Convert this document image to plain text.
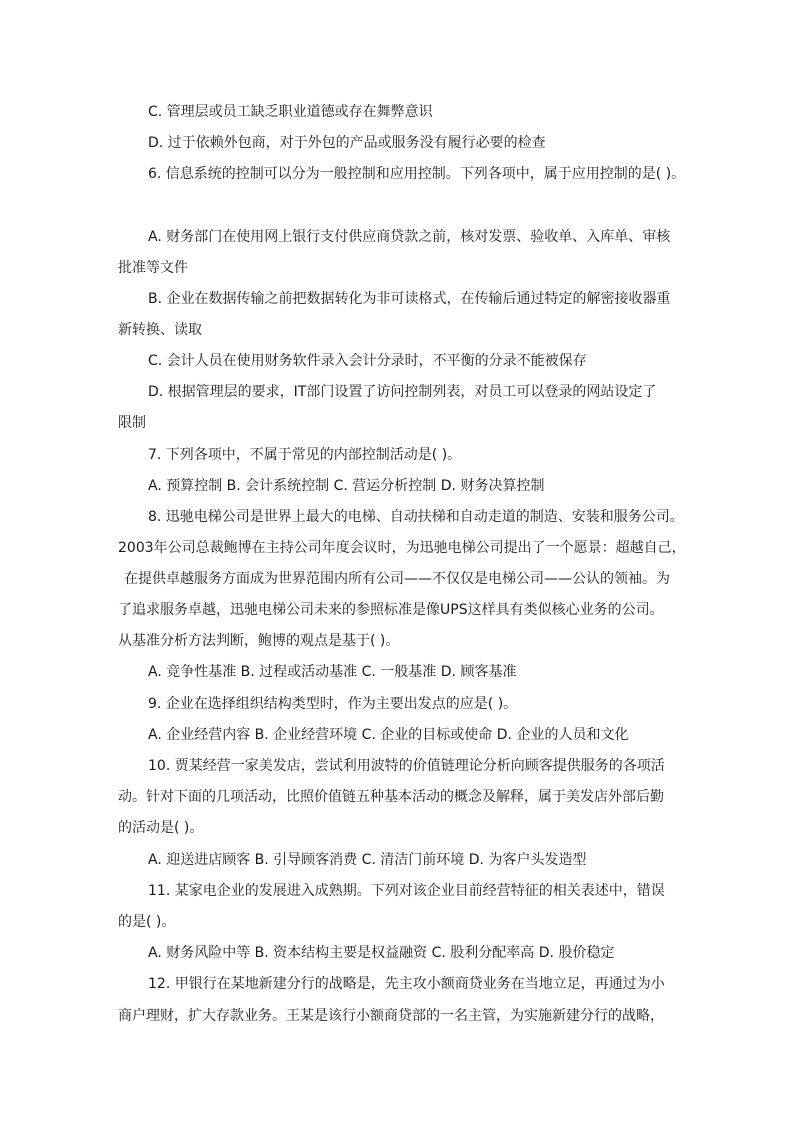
C. 管理层或员工缺乏职业道德或存在舞弊意识
D. 过于依赖外包商，对于外包的产品或服务没有履行必要的检查
6. 信息系统的控制可以分为一般控制和应用控制。下列各项中，属于应用控制的是( )。
A. 财务部门在使用网上银行支付供应商贷款之前，核对发票、验收单、入库单、审核
批准等文件
B. 企业在数据传输之前把数据转化为非可读格式，在传输后通过特定的解密接收器重
新转换、读取
C. 会计人员在使用财务软件录入会计分录时，不平衡的分录不能被保存
D. 根据管理层的要求，IT部门设置了访问控制列表，对员工可以登录的网站设定了
限制
7. 下列各项中，不属于常见的内部控制活动是( )。
A. 预算控制 B. 会计系统控制 C. 营运分析控制 D. 财务决算控制
8. 迅驰电梯公司是世界上最大的电梯、自动扶梯和自动走道的制造、安装和服务公司。
2003年公司总裁鲍博在主持公司年度会议时，为迅驰电梯公司提出了一个愿景：超越自己，
在提供卓越服务方面成为世界范围内所有公司——不仅仅是电梯公司——公认的领袖。为
了追求服务卓越，迅驰电梯公司未来的参照标准是像UPS这样具有类似核心业务的公司。
从基准分析方法判断，鲍博的观点是基于( )。
A. 竞争性基准 B. 过程或活动基准 C. 一般基准 D. 顾客基准
9. 企业在选择组织结构类型时，作为主要出发点的应是( )。
A. 企业经营内容 B. 企业经营环境 C. 企业的目标或使命 D. 企业的人员和文化
10. 贾某经营一家美发店，尝试利用波特的价值链理论分析向顾客提供服务的各项活
动。针对下面的几项活动，比照价值链五种基本活动的概念及解释，属于美发店外部后勤
的活动是( )。
A. 迎送进店顾客 B. 引导顾客消费 C. 清洁门前环境 D. 为客户头发造型
11. 某家电企业的发展进入成熟期。下列对该企业目前经营特征的相关表述中，错误
的是( )。
A. 财务风险中等 B. 资本结构主要是权益融资 C. 股利分配率高 D. 股价稳定
12. 甲银行在某地新建分行的战略是，先主攻小额商贷业务在当地立足，再通过为小
商户理财，扩大存款业务。王某是该行小额商贷部的一名主管，为实施新建分行的战略，
